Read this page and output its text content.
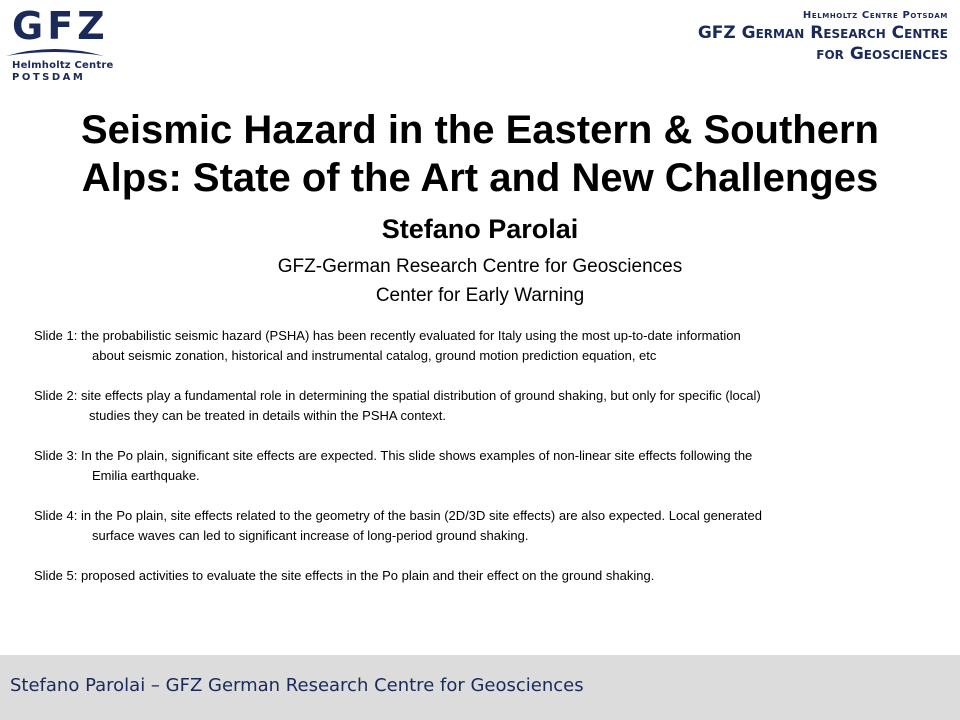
GFZ
Helmholtz Centre
POTSDAM
Helmholtz Centre Potsdam
GFZ German Research Centre
for Geosciences
Seismic Hazard in the Eastern & Southern Alps: State of the Art and New Challenges
Stefano Parolai
GFZ-German Research Centre for Geosciences
Center for Early Warning
Slide 1: the probabilistic seismic hazard (PSHA) has been recently evaluated for Italy using the most up-to-date information
about seismic zonation, historical and instrumental catalog, ground motion prediction equation, etc
Slide 2: site effects play a fundamental role in determining the spatial distribution of ground shaking, but only for specific (local)
studies they can be treated in details within the PSHA context.
Slide 3: In the Po plain, significant site effects are expected. This slide shows examples of non-linear site effects following the
Emilia earthquake.
Slide 4: in the Po plain, site effects related to the geometry of the basin (2D/3D site effects) are also expected. Local generated
surface waves can led to significant increase of long-period ground shaking.
Slide 5: proposed activities to evaluate the site effects in the Po plain and their effect on the ground shaking.
Stefano Parolai – GFZ German Research Centre for Geosciences
